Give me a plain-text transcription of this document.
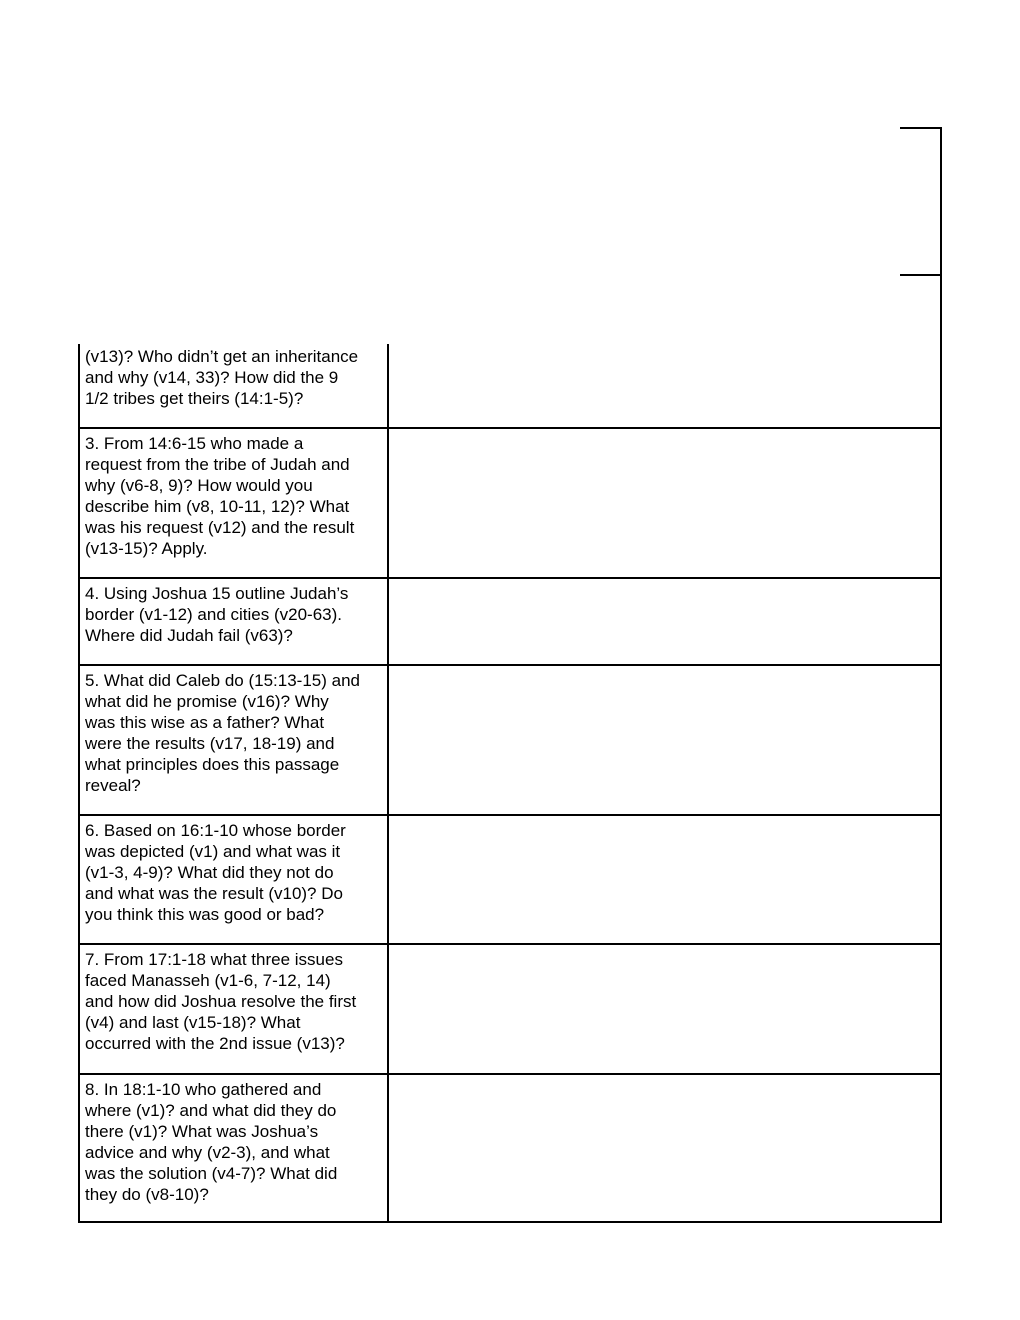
(v13)? Who didn’t get an inheritance
and why (v14, 33)? How did the 9
1/2 tribes get theirs (14:1-5)?
3. From 14:6-15 who made a
request from the tribe of Judah and
why (v6-8, 9)? How would you
describe him (v8, 10-11, 12)? What
was his request (v12) and the result
(v13-15)? Apply.
4. Using Joshua 15 outline Judah’s
border (v1-12) and cities (v20-63).
Where did Judah fail (v63)?
5. What did Caleb do (15:13-15) and
what did he promise (v16)? Why
was this wise as a father? What
were the results (v17, 18-19) and
what principles does this passage
reveal?
6. Based on 16:1-10 whose border
was depicted (v1) and what was it
(v1-3, 4-9)? What did they not do
and what was the result (v10)? Do
you think this was good or bad?
7. From 17:1-18 what three issues
faced Manasseh (v1-6, 7-12, 14)
and how did Joshua resolve the first
(v4) and last (v15-18)? What
occurred with the 2nd issue (v13)?
8. In 18:1-10 who gathered and
where (v1)? and what did they do
there (v1)? What was Joshua’s
advice and why (v2-3), and what
was the solution (v4-7)? What did
they do (v8-10)?
